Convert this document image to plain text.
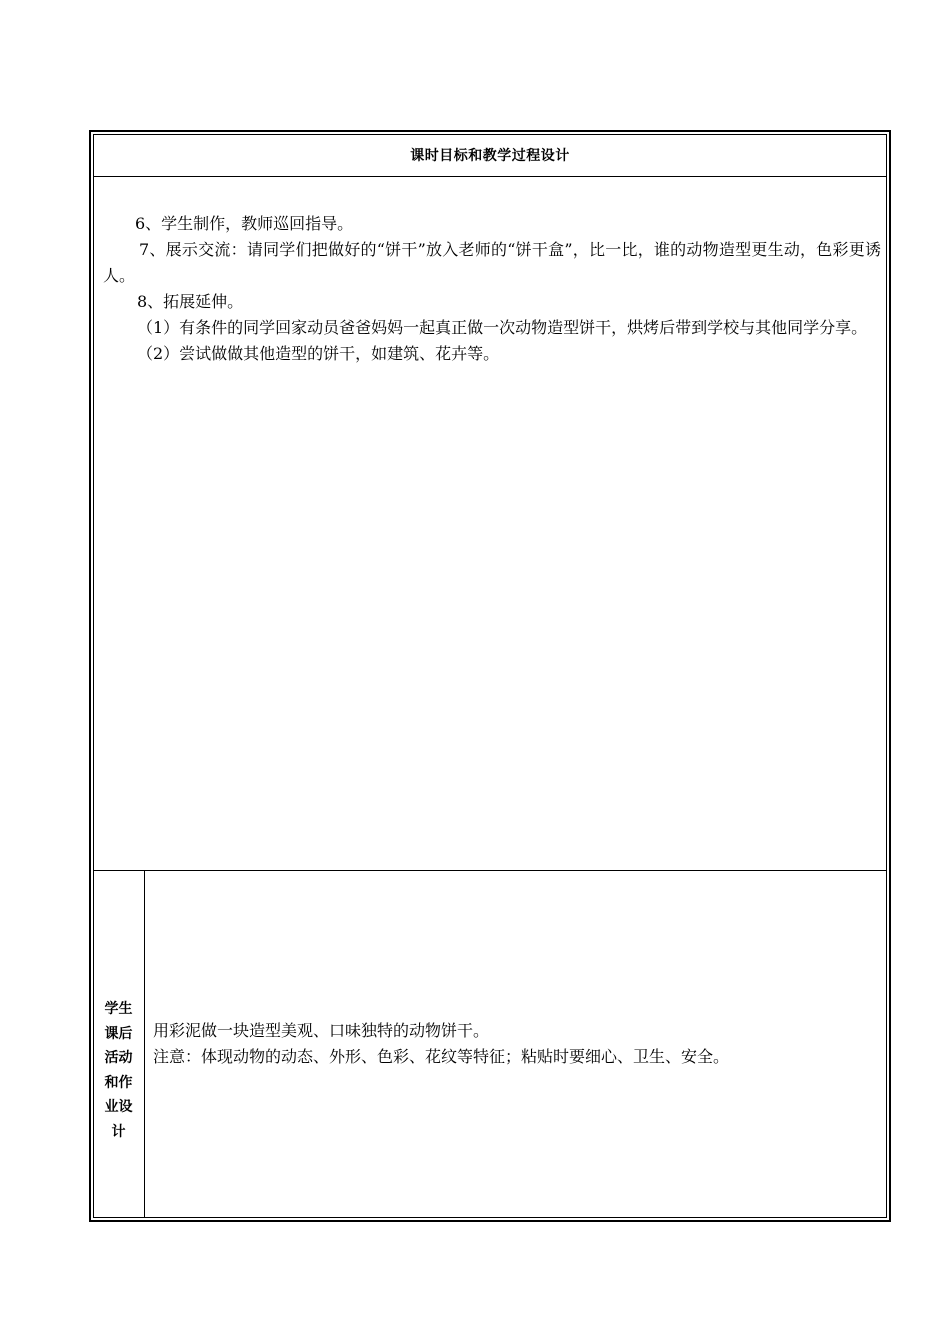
课时目标和教学过程设计

6、学生制作，教师巡回指导。

7、展示交流：请同学们把做好的“饼干”放入老师的“饼干盒”，比一比，谁的动物造型更生动，色彩更诱人。

8、拓展延伸。

（1）有条件的同学回家动员爸爸妈妈一起真正做一次动物造型饼干，烘烤后带到学校与其他同学分享。

（2）尝试做做其他造型的饼干，如建筑、花卉等。

学生课后活动和作业设计

用彩泥做一块造型美观、口味独特的动物饼干。

注意：体现动物的动态、外形、色彩、花纹等特征；粘贴时要细心、卫生、安全。
